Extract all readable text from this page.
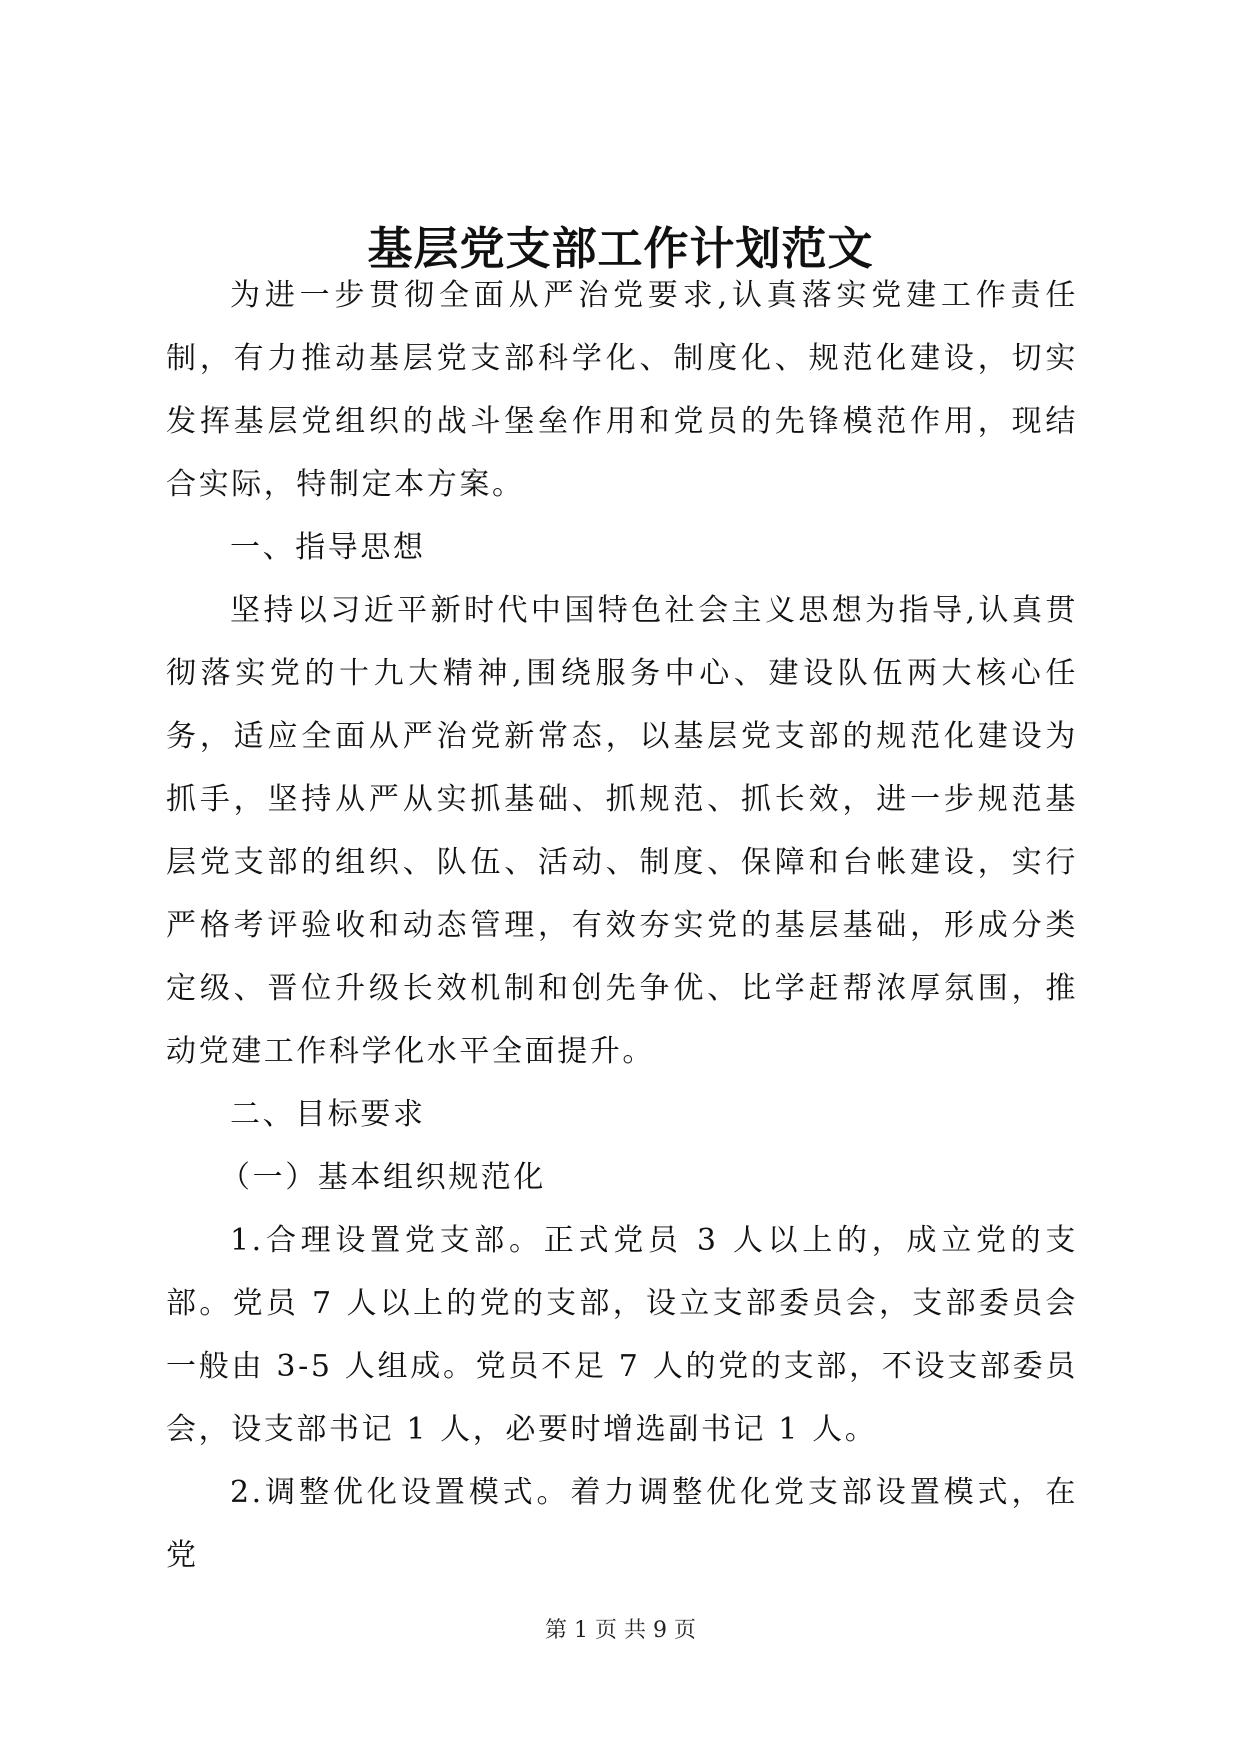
基层党支部工作计划范文

为进一步贯彻全面从严治党要求,认真落实党建工作责任制，有力推动基层党支部科学化、制度化、规范化建设，切实发挥基层党组织的战斗堡垒作用和党员的先锋模范作用，现结合实际，特制定本方案。

一、指导思想

坚持以习近平新时代中国特色社会主义思想为指导,认真贯彻落实党的十九大精神,围绕服务中心、建设队伍两大核心任务，适应全面从严治党新常态，以基层党支部的规范化建设为抓手，坚持从严从实抓基础、抓规范、抓长效，进一步规范基层党支部的组织、队伍、活动、制度、保障和台帐建设，实行严格考评验收和动态管理，有效夯实党的基层基础，形成分类定级、晋位升级长效机制和创先争优、比学赶帮浓厚氛围，推动党建工作科学化水平全面提升。

二、目标要求

（一）基本组织规范化

1.合理设置党支部。正式党员 3 人以上的，成立党的支部。党员 7 人以上的党的支部，设立支部委员会，支部委员会一般由 3-5 人组成。党员不足 7 人的党的支部，不设支部委员会，设支部书记 1 人，必要时增选副书记 1 人。

2.调整优化设置模式。着力调整优化党支部设置模式，在党

第 1 页 共 9 页
